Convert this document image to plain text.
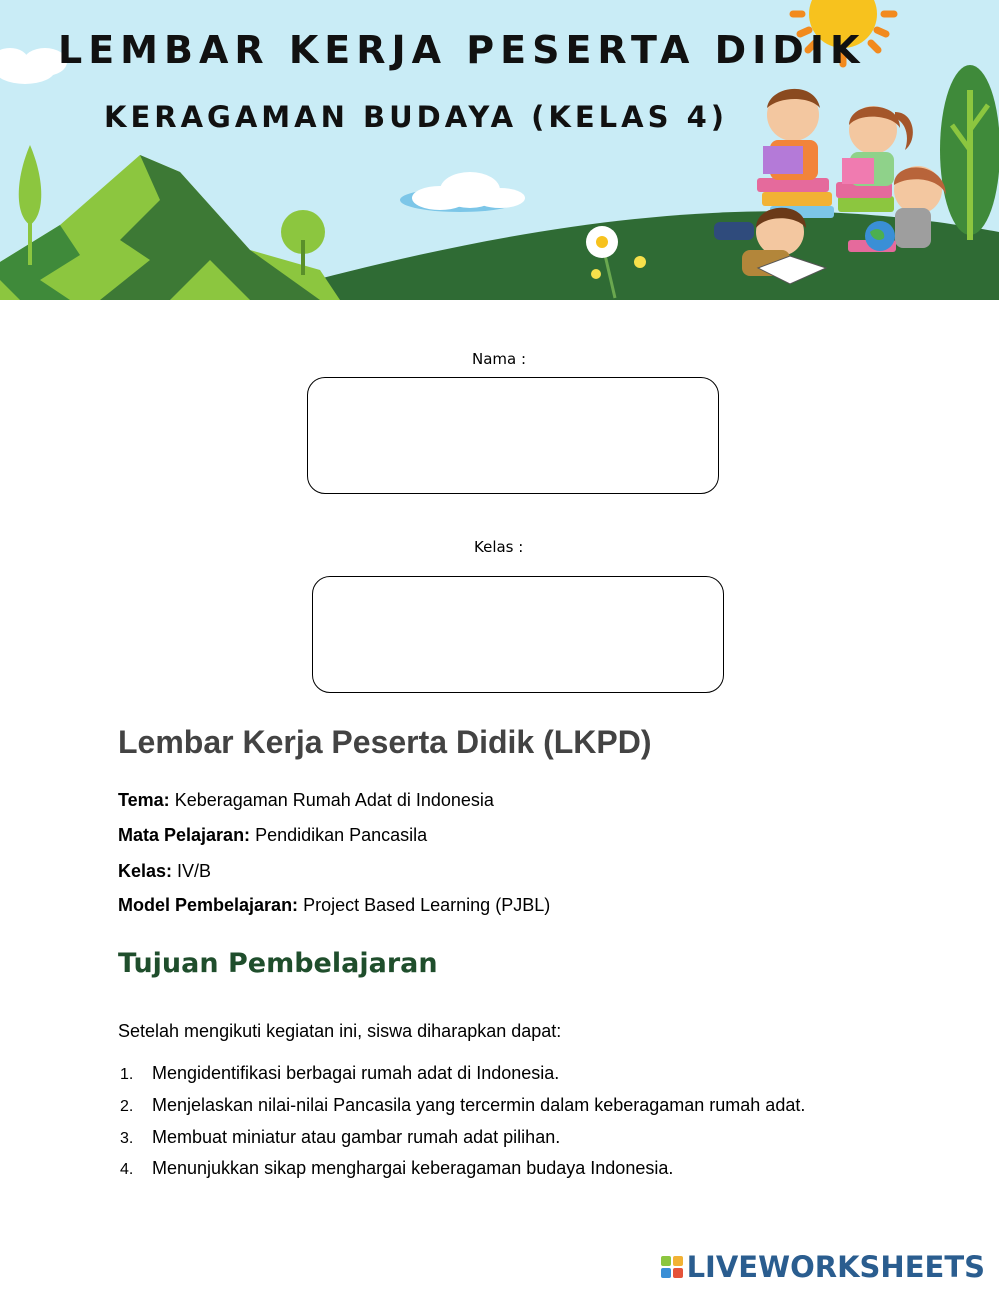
LEMBAR KERJA PESERTA DIDIK
KERAGAMAN BUDAYA (KELAS 4)
Nama :
Kelas :
Lembar Kerja Peserta Didik (LKPD)
Tema: Keberagaman Rumah Adat di Indonesia
Mata Pelajaran: Pendidikan Pancasila
Kelas: IV/B
Model Pembelajaran: Project Based Learning (PJBL)
Tujuan Pembelajaran
Setelah mengikuti kegiatan ini, siswa diharapkan dapat:
1. Mengidentifikasi berbagai rumah adat di Indonesia.
2. Menjelaskan nilai-nilai Pancasila yang tercermin dalam keberagaman rumah adat.
3. Membuat miniatur atau gambar rumah adat pilihan.
4. Menunjukkan sikap menghargai keberagaman budaya Indonesia.
LIVEWORKSHEETS
